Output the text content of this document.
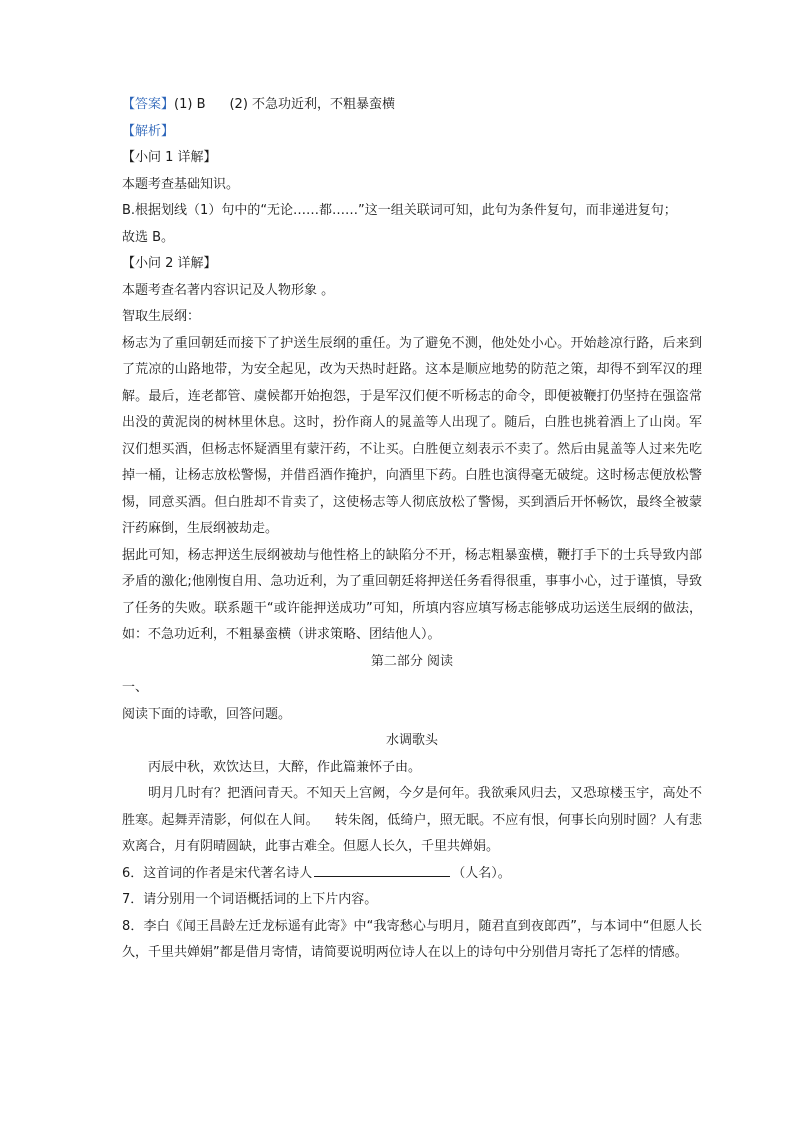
【答案】(1) B (2) 不急功近利，不粗暴蛮横
【解析】
【小问 1 详解】
本题考查基础知识。
B.根据划线（1）句中的“无论……都……”这一组关联词可知，此句为条件复句，而非递进复句；
故选 B。
【小问 2 详解】
本题考查名著内容识记及人物形象 。
智取生辰纲：
杨志为了重回朝廷而接下了护送生辰纲的重任。为了避免不测，他处处小心。开始趁凉行路，后来到了荒凉的山路地带，为安全起见，改为天热时赶路。这本是顺应地势的防范之策，却得不到军汉的理解。最后，连老都管、虞候都开始抱怨，于是军汉们便不听杨志的命令，即便被鞭打仍坚持在强盗常出没的黄泥岗的树林里休息。这时，扮作商人的晁盖等人出现了。随后，白胜也挑着酒上了山岗。军汉们想买酒，但杨志怀疑酒里有蒙汗药，不让买。白胜便立刻表示不卖了。然后由晁盖等人过来先吃掉一桶，让杨志放松警惕，并借舀酒作掩护，向酒里下药。白胜也演得毫无破绽。这时杨志便放松警惕，同意买酒。但白胜却不肯卖了，这使杨志等人彻底放松了警惕，买到酒后开怀畅饮，最终全被蒙汗药麻倒，生辰纲被劫走。
据此可知，杨志押送生辰纲被劫与他性格上的缺陷分不开，杨志粗暴蛮横，鞭打手下的士兵导致内部矛盾的激化;他刚愎自用、急功近利，为了重回朝廷将押送任务看得很重，事事小心，过于谨慎，导致了任务的失败。联系题干“或许能押送成功”可知，所填内容应填写杨志能够成功运送生辰纲的做法，如：不急功近利，不粗暴蛮横（讲求策略、团结他人）。
第二部分 阅读
一、
阅读下面的诗歌，回答问题。
水调歌头
丙辰中秋，欢饮达旦，大醉，作此篇兼怀子由。
明月几时有？把酒问青天。不知天上宫阙，今夕是何年。我欲乘风归去，又恐琼楼玉宇，高处不胜寒。起舞弄清影，何似在人间。 转朱阁，低绮户，照无眠。不应有恨，何事长向别时圆？人有悲欢离合，月有阴晴圆缺，此事古难全。但愿人长久，千里共婵娟。
6．这首词的作者是宋代著名诗人	（人名）。
7．请分别用一个词语概括词的上下片内容。
8．李白《闻王昌龄左迁龙标遥有此寄》中“我寄愁心与明月，随君直到夜郎西”，与本词中“但愿人长久，千里共婵娟”都是借月寄情，请简要说明两位诗人在以上的诗句中分别借月寄托了怎样的情感。
